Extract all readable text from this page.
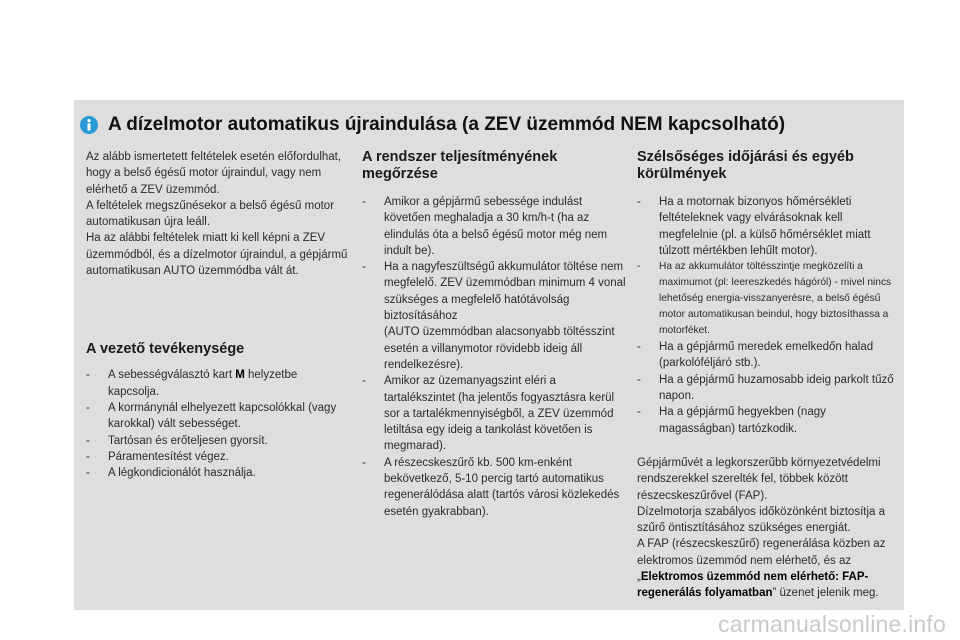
A dízelmotor automatikus újraindulása (a ZEV üzemmód NEM kapcsolható)

Az alább ismertetett feltételek esetén előfordulhat, hogy a belső égésű motor újraindul, vagy nem elérhető a ZEV üzemmód.

A feltételek megszűnésekor a belső égésű motor automatikusan újra leáll.

Ha az alábbi feltételek miatt ki kell képni a ZEV üzemmódból, és a dízelmotor újraindul, a gépjármű automatikusan AUTO üzemmódba vált át.

A vezető tevékenysége
- A sebességválasztó kart M helyzetbe kapcsolja.
- A kormánynál elhelyezett kapcsolókkal (vagy karokkal) vált sebességet.
- Tartósan és erőteljesen gyorsít.
- Páramentesítést végez.
- A légkondicionálót használja.
A rendszer teljesítményének megőrzése
- Amikor a gépjármű sebessége indulást követően meghaladja a 30 km/h-t (ha az elindulás óta a belső égésű motor még nem indult be).
- Ha a nagyfeszültségű akkumulátor töltése nem megfelelő. ZEV üzemmódban minimum 4 vonal szükséges a megfelelő hatótávolság biztosításához
(AUTO üzemmódban alacsonyabb töltésszint esetén a villanymotor rövidebb ideig áll rendelkezésre).
- Amikor az üzemanyagszint eléri a tartalékszintet (ha jelentős fogyasztásra kerül sor a tartalékmennyiségből, a ZEV üzemmód letiltása egy ideig a tankolást követően is megmarad).
- A részecskeszűrő kb. 500 km-enként bekövetkező, 5-10 percig tartó automatikus regenerálódása alatt (tartós városi közlekedés esetén gyakrabban).
Szélsőséges időjárási és egyéb körülmények
- Ha a motornak bizonyos hőmérsékleti feltételeknek vagy elvárásoknak kell megfelelnie (pl. a külső hőmérséklet miatt túlzott mértékben lehűlt motor).
- Ha az akkumulátor töltésszintje megközelíti a maximumot (pl: leereszkedés hágóról) - mivel nincs lehetőség energia-visszanyerésre, a belső égésű motor automatikusan beindul, hogy biztosíthassa a motorféket.
- Ha a gépjármű meredek emelkedőn halad (parkolóféljáró stb.).
- Ha a gépjármű huzamosabb ideig parkolt tűző napon.
- Ha a gépjármű hegyekben (nagy magasságban) tartózkodik.

Gépjárművét a legkorszerűbb környezetvédelmi rendszerekkel szerelték fel, többek között részecskeszűrővel (FAP).

Dízelmotorja szabályos időközönként biztosítja a szűrő öntisztításához szükséges energiát.

A FAP (részecskeszűrő) regenerálása közben az elektromos üzemmód nem elérhető, és az „Elektromos üzemmód nem elérhető: FAP-regenerálás folyamatban” üzenet jelenik meg.

carmanualsonline.info
